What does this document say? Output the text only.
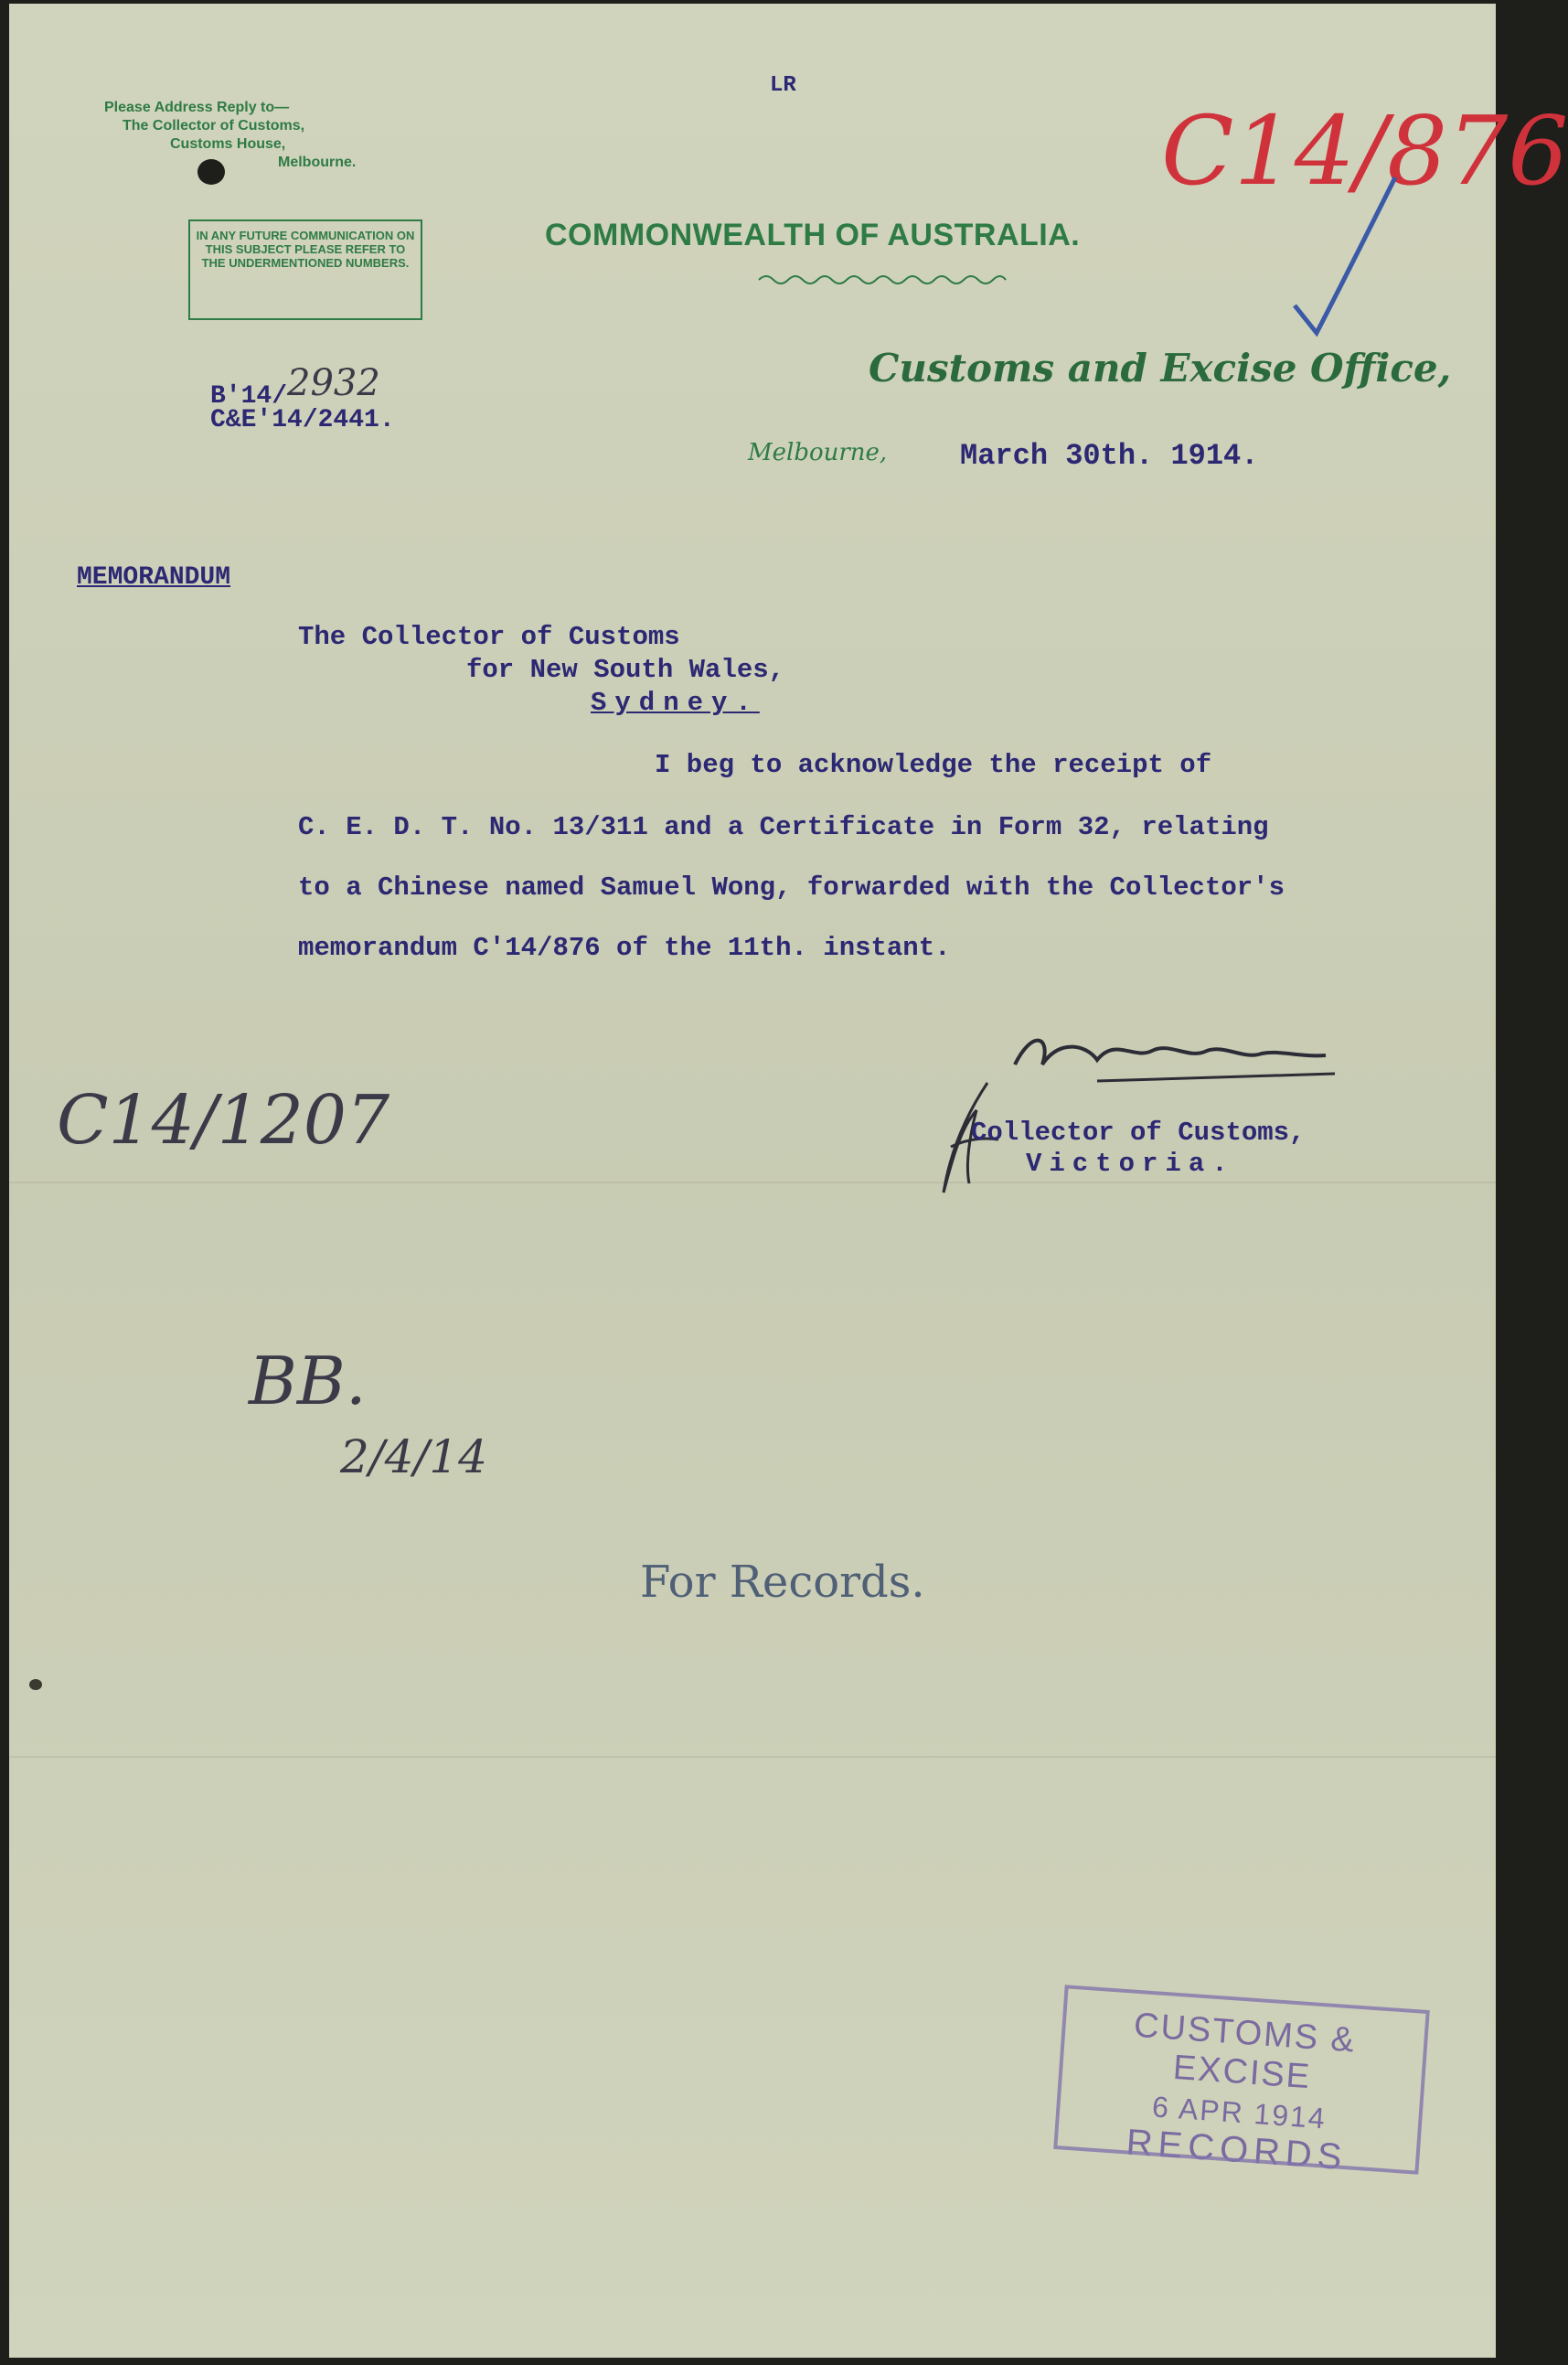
Please Address Reply to—
The Collector of Customs,
Customs House,
Melbourne.
IN ANY FUTURE COMMUNICATION ON THIS SUBJECT PLEASE REFER TO THE UNDERMENTIONED NUMBERS.
LR
COMMONWEALTH OF AUSTRALIA.
Customs and Excise Office,
Melbourne, March 30th. 1914.
B'14/2932
C&E'14/2441.
MEMORANDUM
The Collector of Customs
for New South Wales,
Sydney.
I beg to acknowledge the receipt of
C. E. D. T. No. 13/311 and a Certificate in Form 32, relating
to a Chinese named Samuel Wong, forwarded with the Collector's
memorandum C'14/876 of the 11th. instant.
Collector of Customs,
Victoria.
C14/876
C14/1207
BB.
2/4/14
For Records.
CUSTOMS & EXCISE
6 APR 1914
RECORDS
